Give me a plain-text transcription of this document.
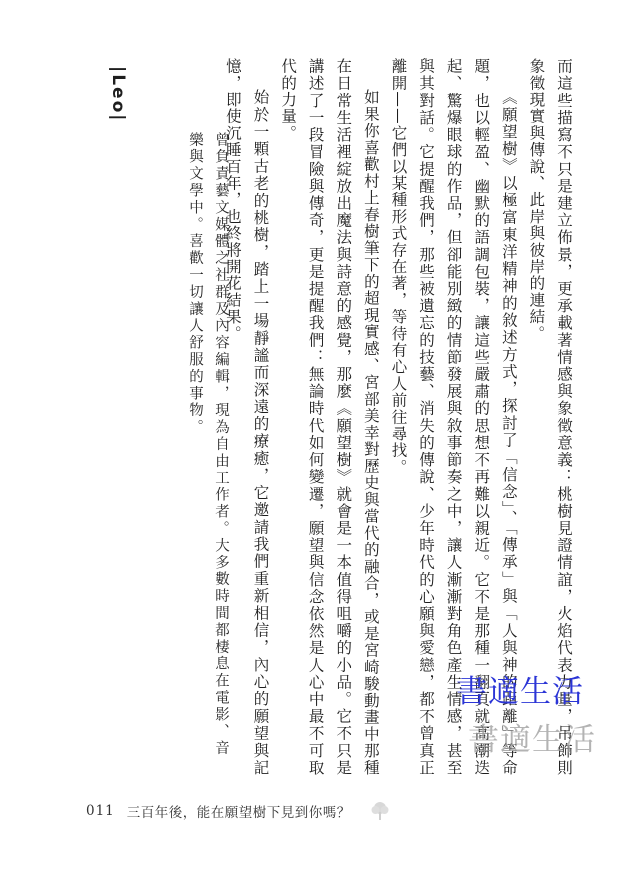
而這些描寫不只是建立佈景，更承載著情感與象徵意義：桃樹見證情誼，火焰代表力量，吊飾則象徵現實與傳說、此岸與彼岸的連結。

《願望樹》以極富東洋精神的敘述方式，探討了「信念」、「傳承」與「人與神的距離」等命題，也以輕盈、幽默的語調包裝，讓這些嚴肅的思想不再難以親近。它不是那種一翻頁就高潮迭起、驚爆眼球的作品，但卻能別緻的情節發展與敘事節奏之中，讓人漸漸對角色產生情感，甚至與其對話。它提醒我們，那些被遺忘的技藝、消失的傳說、少年時代的心願與愛戀，都不曾真正離開——它們以某種形式存在著，等待有心人前往尋找。

如果你喜歡村上春樹筆下的超現實感、宮部美幸對歷史與當代的融合，或是宮崎駿動畫中那種在日常生活裡綻放出魔法與詩意的感覺，那麼《願望樹》就會是一本值得咀嚼的小品。它不只是講述了一段冒險與傳奇，更是提醒我們：無論時代如何變遷，願望與信念依然是人心中最不可取代的力量。

始於一顆古老的桃樹，踏上一場靜謐而深遠的療癒，它邀請我們重新相信，內心的願望與記憶，即使沉睡百年，也終將開花結果。

|Leo|

曾負責藝文媒體之社群及內容編輯，現為自由工作者。大多數時間都棲息在電影、音樂與文學中。喜歡一切讓人舒服的事物。

書適生活
書適生活
011 三百年後，能在願望樹下見到你嗎？
